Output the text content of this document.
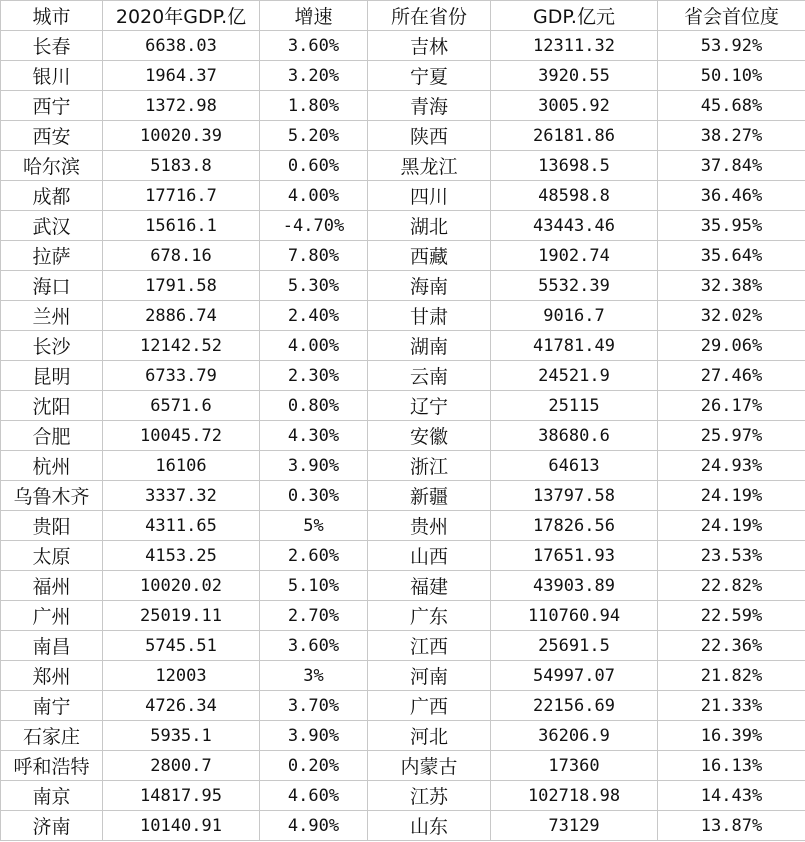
城市	2020年GDP.亿	增速	所在省份	GDP.亿元	省会首位度
长春	6638.03	3.60%	吉林	12311.32	53.92%
银川	1964.37	3.20%	宁夏	3920.55	50.10%
西宁	1372.98	1.80%	青海	3005.92	45.68%
西安	10020.39	5.20%	陕西	26181.86	38.27%
哈尔滨	5183.8	0.60%	黑龙江	13698.5	37.84%
成都	17716.7	4.00%	四川	48598.8	36.46%
武汉	15616.1	-4.70%	湖北	43443.46	35.95%
拉萨	678.16	7.80%	西藏	1902.74	35.64%
海口	1791.58	5.30%	海南	5532.39	32.38%
兰州	2886.74	2.40%	甘肃	9016.7	32.02%
长沙	12142.52	4.00%	湖南	41781.49	29.06%
昆明	6733.79	2.30%	云南	24521.9	27.46%
沈阳	6571.6	0.80%	辽宁	25115	26.17%
合肥	10045.72	4.30%	安徽	38680.6	25.97%
杭州	16106	3.90%	浙江	64613	24.93%
乌鲁木齐	3337.32	0.30%	新疆	13797.58	24.19%
贵阳	4311.65	5%	贵州	17826.56	24.19%
太原	4153.25	2.60%	山西	17651.93	23.53%
福州	10020.02	5.10%	福建	43903.89	22.82%
广州	25019.11	2.70%	广东	110760.94	22.59%
南昌	5745.51	3.60%	江西	25691.5	22.36%
郑州	12003	3%	河南	54997.07	21.82%
南宁	4726.34	3.70%	广西	22156.69	21.33%
石家庄	5935.1	3.90%	河北	36206.9	16.39%
呼和浩特	2800.7	0.20%	内蒙古	17360	16.13%
南京	14817.95	4.60%	江苏	102718.98	14.43%
济南	10140.91	4.90%	山东	73129	13.87%
